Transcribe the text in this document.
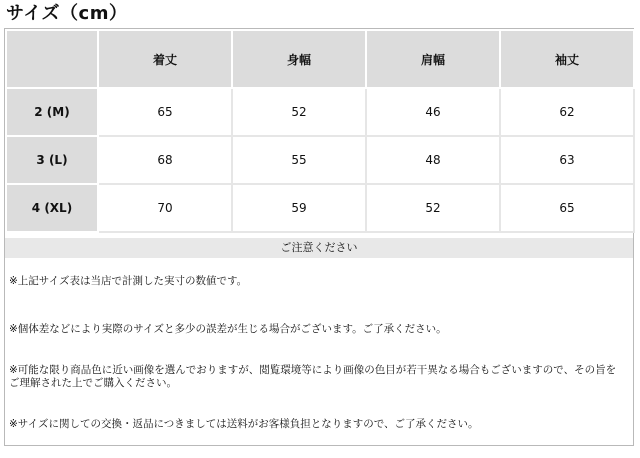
サイズ（cm）
	着丈	身幅	肩幅	袖丈
2 (M)	65	52	46	62
3 (L)	68	55	48	63
4 (XL)	70	59	52	65
ご注意ください
※上記サイズ表は当店で計測した実寸の数値です。
※個体差などにより実際のサイズと多少の誤差が生じる場合がございます。ご了承ください。
※可能な限り商品色に近い画像を選んでおりますが、閲覧環境等により画像の色目が若干異なる場合もございますので、その旨をご理解された上でご購入ください。
※サイズに関しての交換・返品につきましては送料がお客様負担となりますので、ご了承ください。
